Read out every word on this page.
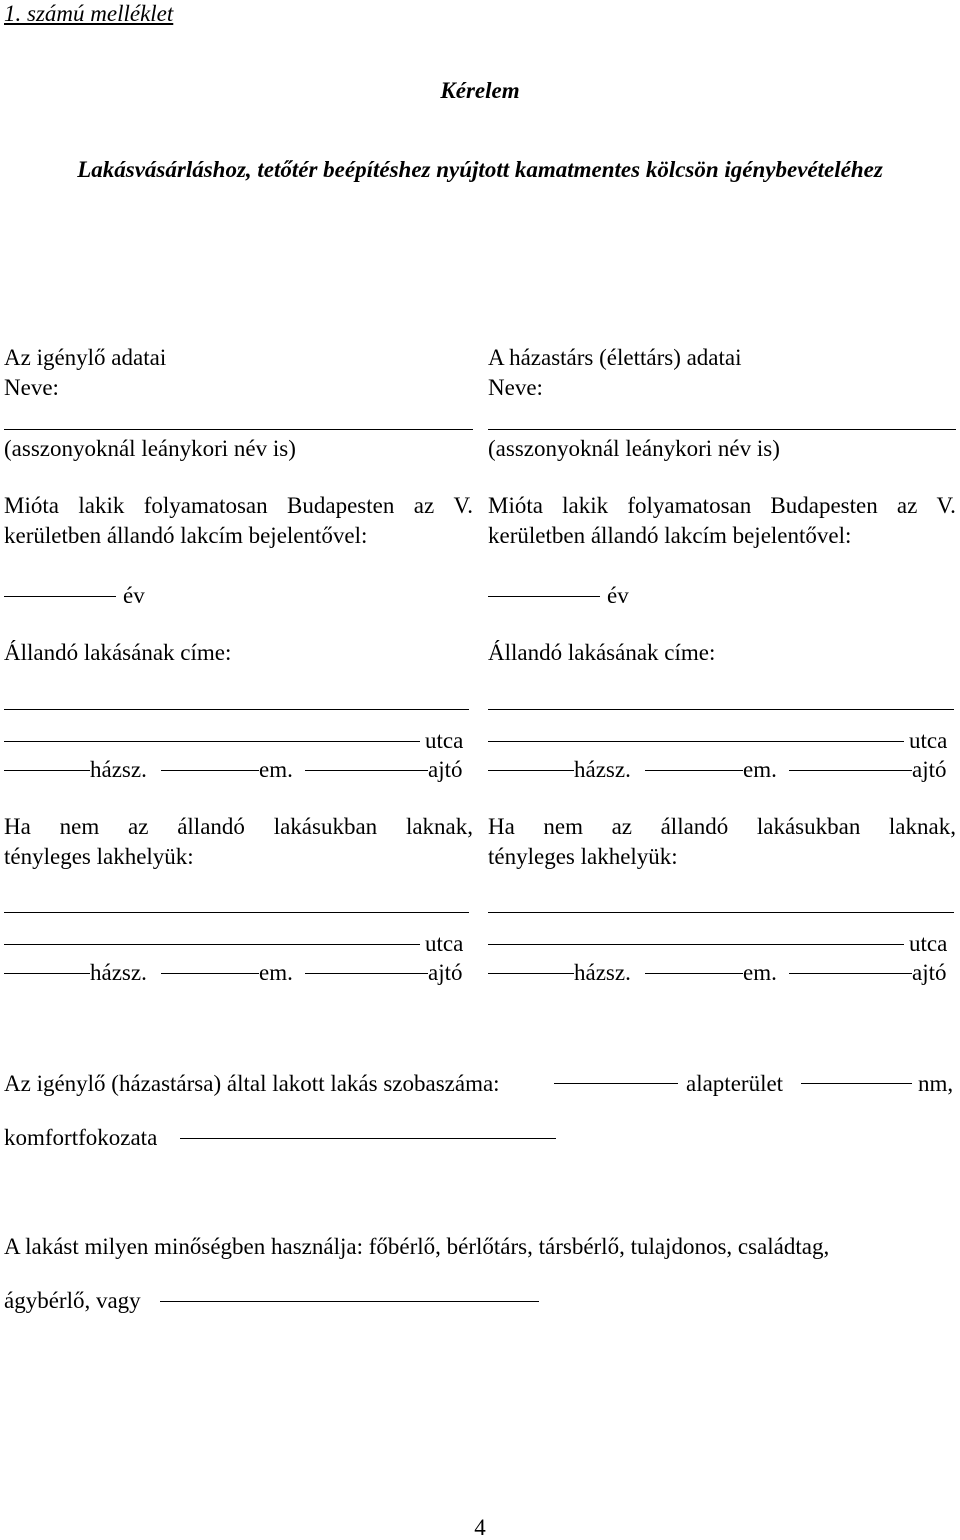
1. számú melléklet
Kérelem
Lakásvásárláshoz, tetőtér beépítéshez nyújtott kamatmentes kölcsön igénybevételéhez
Az igénylő adatai
Neve:
(asszonyoknál leánykori név is)
Mióta lakik folyamatosan Budapesten az V.
kerületben állandó lakcím bejelentővel:
év
Állandó lakásának címe:
utca
házsz.	em.	ajtó
Ha nem az állandó lakásukban laknak,
tényleges lakhelyük:
utca
házsz.	em.	ajtó
A házastárs (élettárs) adatai
Neve:
(asszonyoknál leánykori név is)
Mióta lakik folyamatosan Budapesten az V.
kerületben állandó lakcím bejelentővel:
év
Állandó lakásának címe:
utca
házsz.	em.	ajtó
Ha nem az állandó lakásukban laknak,
tényleges lakhelyük:
utca
házsz.	em.	ajtó
Az igénylő (házastársa) által lakott lakás szobaszáma:	alapterület	nm,
komfortfokozata
A lakást milyen minőségben használja: főbérlő, bérlőtárs, társbérlő, tulajdonos, családtag,
ágybérlő, vagy
4
